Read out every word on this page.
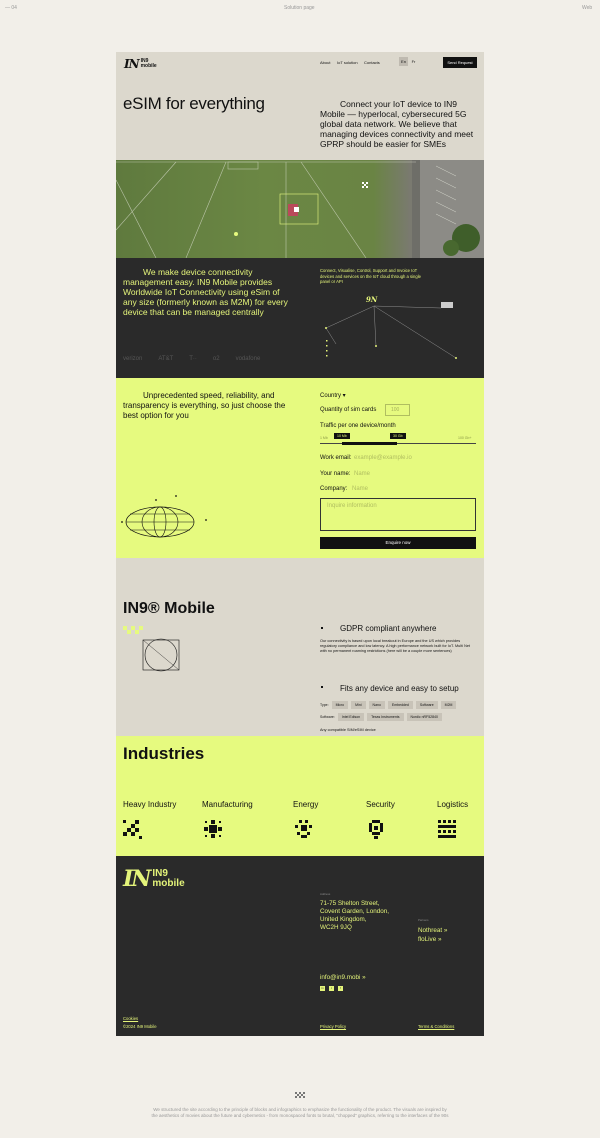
— 04	Solution page	Web
IN IN9
mobile
About IoT solution Contacts	En	Fr	Send Request
eSIM for everything	Connect your IoT device to IN9 Mobile — hyperlocal, cybersecured 5G global data network. We believe that managing devices connectivity and meet GPRP should be easier for SMEs

We make device connectivity management easy. IN9 Mobile provides Worldwide IoT Connectivity using eSim of any size (formerly known as M2M) for every device that can be managed centrally

Connect, Visualise, Control, Support and Invoice IoT devices and services on the IoT cloud through a single panel or API

9N
verizon	AT&T	T··	o2	vodafone

Unprecedented speed, reliability, and transparency is everything, so just choose the best option for you

Country ▾
Quantity of sim cards	100
Traffic per one device/month
1 Mb	100 Gb+
10 Mb	30 Gb
Work email: example@example.io
Your name: Name
Company: Name
Inquire information
Enquire now
IN9® Mobile
GDPR compliant anywhere

Our connectivity is based upon local breakout in Europe and the US which provides regulatory compliance and low latency. A high performance network built for IoT. Multi Net with no permanent roaming restrictions (here will be a couple more sentences)

Fits any device and easy to setup
Type:	Micro	Mini	Nano	Embedded	Software	M2M
Software:	Intel Edison	Texas Instruments	Nordic nRF52840
Any compatible SIM/eSIM device

Industries
Heavy Industry	Manufacturing	Energy	Security	Logistics
IN IN9
mobile
Address
71-75 Shelton Street,
Covent Garden, London,
United Kingdom,
WC2H 9JQ
Partners
Nothreat »
floLive »
info@in9.mobi »
in	t	f
Cookies
©2024 IN9 Mobile	Privacy Policy	Terms & Conditions

We structured the site according to the principle of blocks and infographics to emphasize the functionality of the product. The visuals are inspired by the aesthetics of movies about the future and cybernetics - from monospaced fonts to brutal, "chopped" graphics, referring to the interfaces of the 90s
